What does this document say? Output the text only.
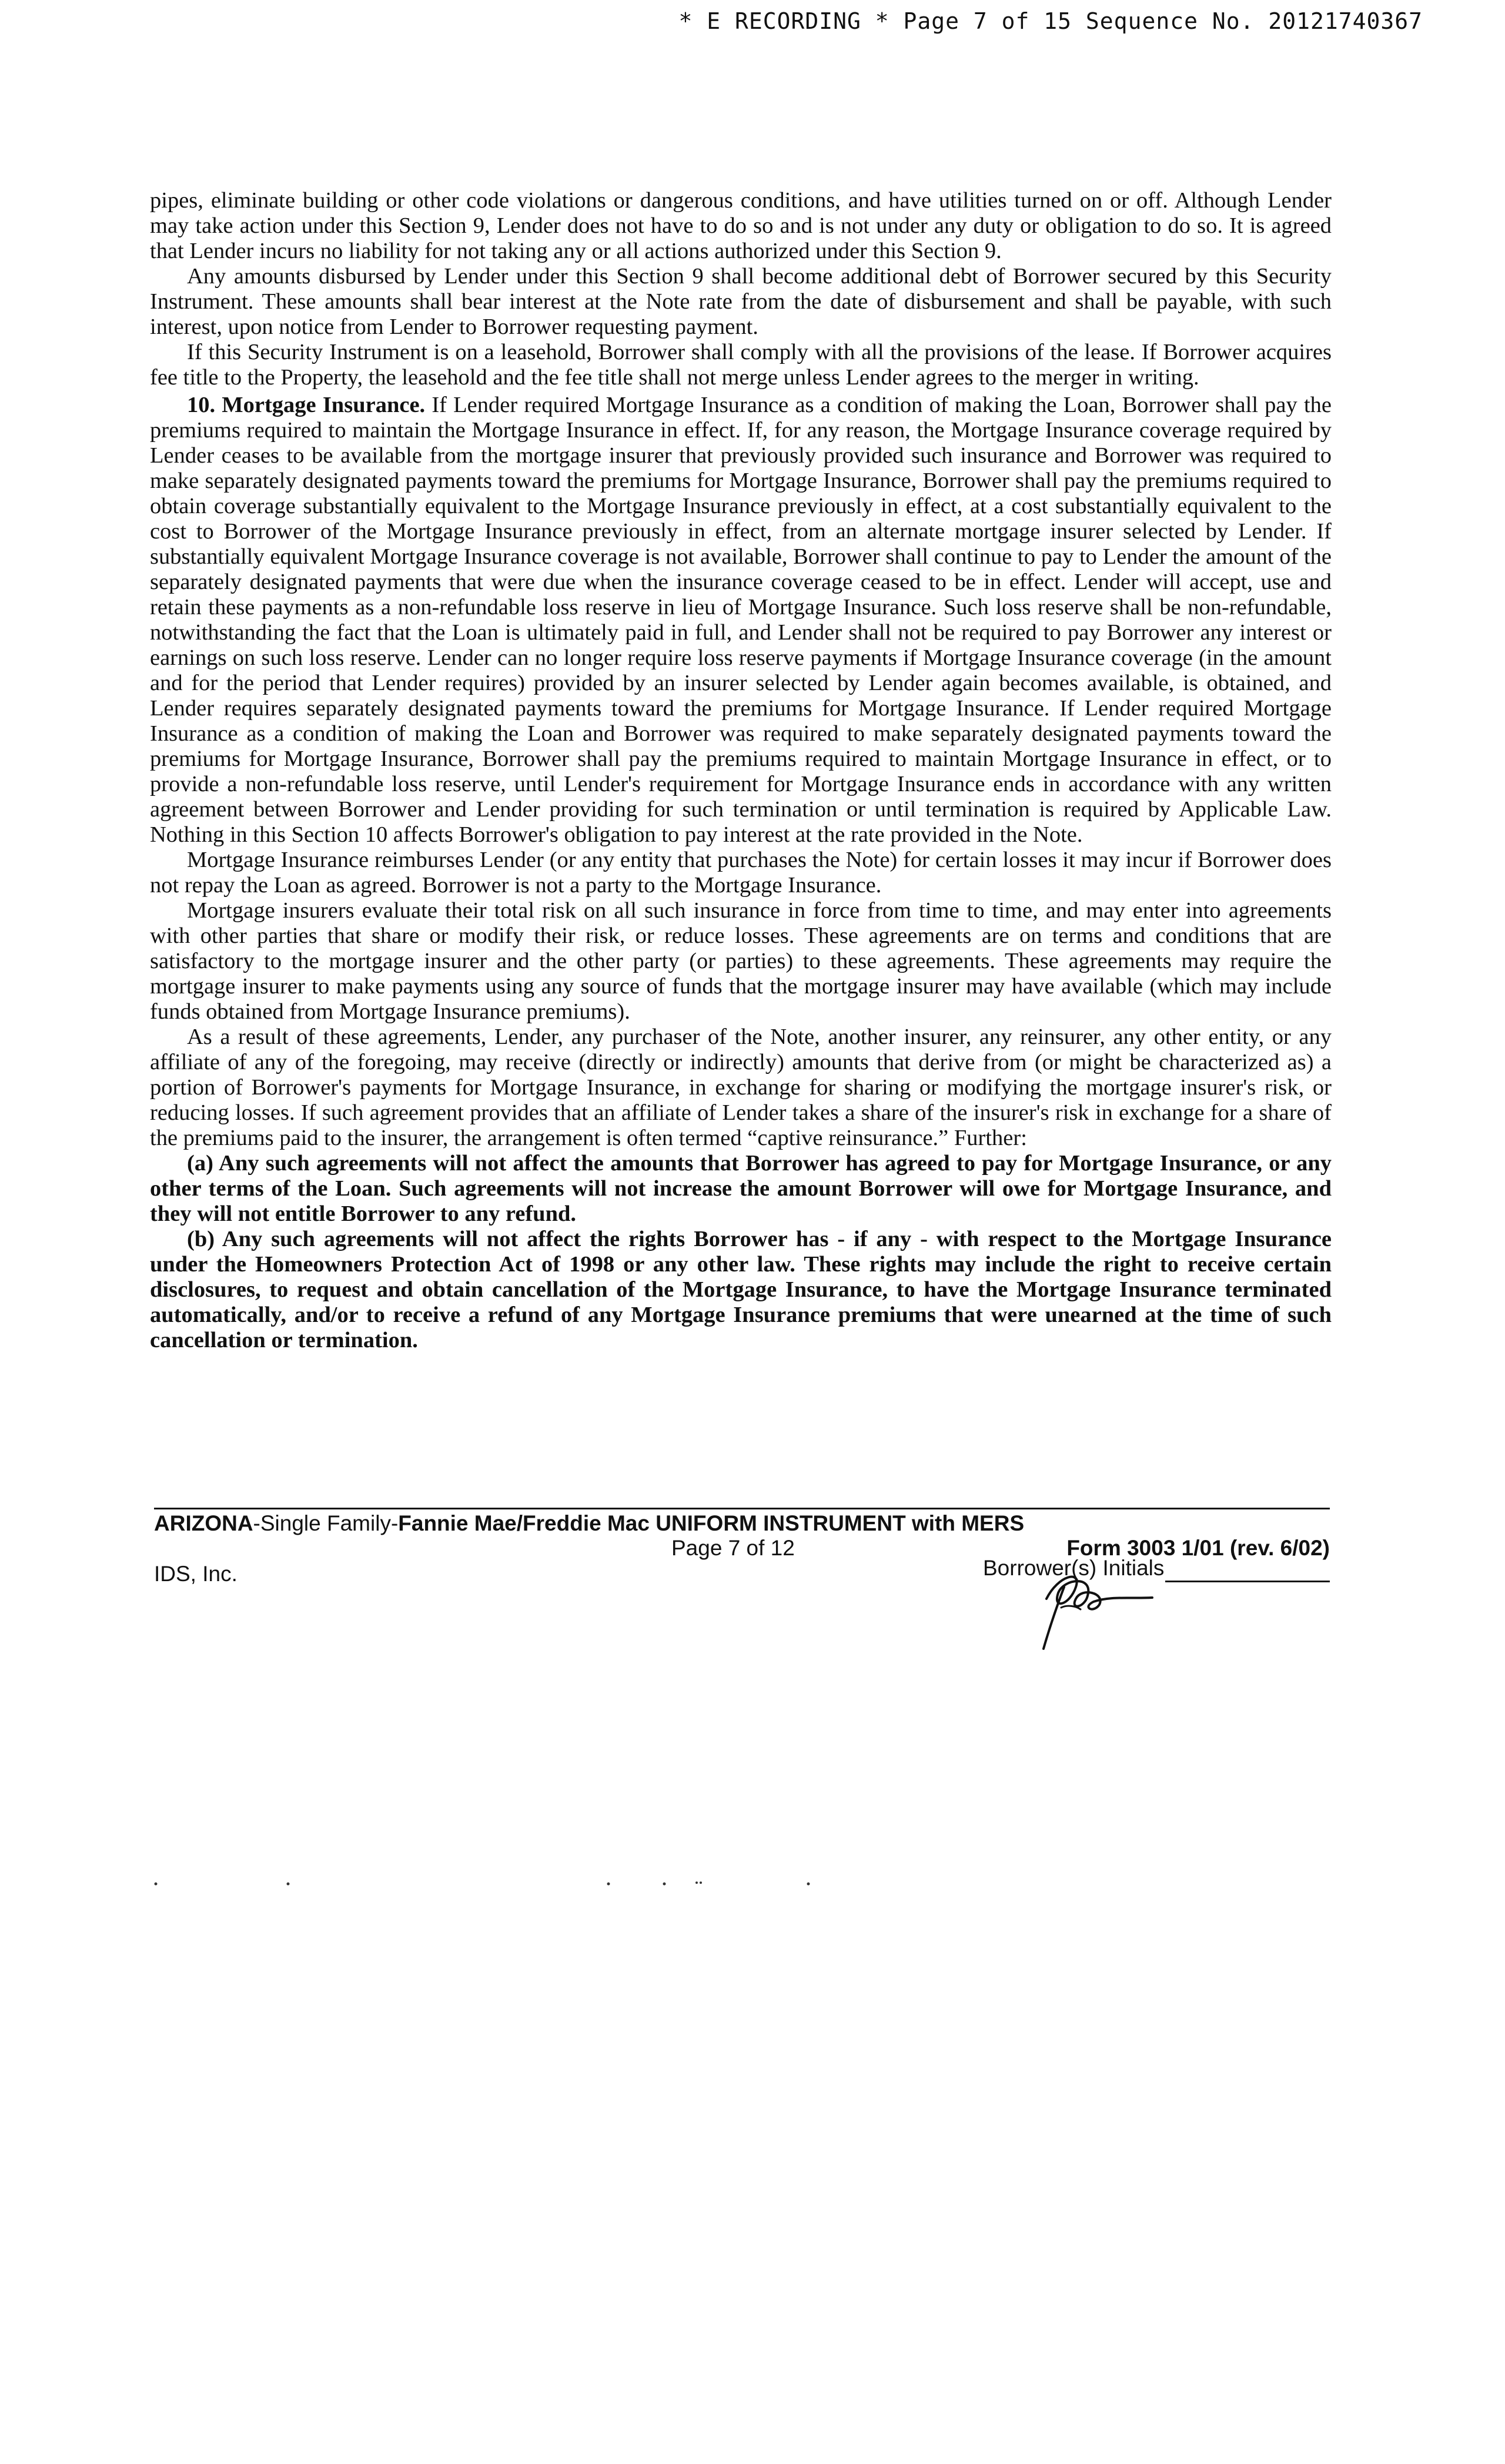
* E RECORDING * Page 7 of 15 Sequence No. 20121740367

pipes, eliminate building or other code violations or dangerous conditions, and have utilities turned on or off. Although Lender may take action under this Section 9, Lender does not have to do so and is not under any duty or obligation to do so. It is agreed that Lender incurs no liability for not taking any or all actions authorized under this Section 9.

Any amounts disbursed by Lender under this Section 9 shall become additional debt of Borrower secured by this Security Instrument. These amounts shall bear interest at the Note rate from the date of disbursement and shall be payable, with such interest, upon notice from Lender to Borrower requesting payment.

If this Security Instrument is on a leasehold, Borrower shall comply with all the provisions of the lease. If Borrower acquires fee title to the Property, the leasehold and the fee title shall not merge unless Lender agrees to the merger in writing.

10. Mortgage Insurance. If Lender required Mortgage Insurance as a condition of making the Loan, Borrower shall pay the premiums required to maintain the Mortgage Insurance in effect. If, for any reason, the Mortgage Insurance coverage required by Lender ceases to be available from the mortgage insurer that previously provided such insurance and Borrower was required to make separately designated payments toward the premiums for Mortgage Insurance, Borrower shall pay the premiums required to obtain coverage substantially equivalent to the Mortgage Insurance previously in effect, at a cost substantially equivalent to the cost to Borrower of the Mortgage Insurance previously in effect, from an alternate mortgage insurer selected by Lender. If substantially equivalent Mortgage Insurance coverage is not available, Borrower shall continue to pay to Lender the amount of the separately designated payments that were due when the insurance coverage ceased to be in effect. Lender will accept, use and retain these payments as a non-refundable loss reserve in lieu of Mortgage Insurance. Such loss reserve shall be non-refundable, notwithstanding the fact that the Loan is ultimately paid in full, and Lender shall not be required to pay Borrower any interest or earnings on such loss reserve. Lender can no longer require loss reserve payments if Mortgage Insurance coverage (in the amount and for the period that Lender requires) provided by an insurer selected by Lender again becomes available, is obtained, and Lender requires separately designated payments toward the premiums for Mortgage Insurance. If Lender required Mortgage Insurance as a condition of making the Loan and Borrower was required to make separately designated payments toward the premiums for Mortgage Insurance, Borrower shall pay the premiums required to maintain Mortgage Insurance in effect, or to provide a non-refundable loss reserve, until Lender's requirement for Mortgage Insurance ends in accordance with any written agreement between Borrower and Lender providing for such termination or until termination is required by Applicable Law. Nothing in this Section 10 affects Borrower's obligation to pay interest at the rate provided in the Note.

Mortgage Insurance reimburses Lender (or any entity that purchases the Note) for certain losses it may incur if Borrower does not repay the Loan as agreed. Borrower is not a party to the Mortgage Insurance.

Mortgage insurers evaluate their total risk on all such insurance in force from time to time, and may enter into agreements with other parties that share or modify their risk, or reduce losses. These agreements are on terms and conditions that are satisfactory to the mortgage insurer and the other party (or parties) to these agreements. These agreements may require the mortgage insurer to make payments using any source of funds that the mortgage insurer may have available (which may include funds obtained from Mortgage Insurance premiums).

As a result of these agreements, Lender, any purchaser of the Note, another insurer, any reinsurer, any other entity, or any affiliate of any of the foregoing, may receive (directly or indirectly) amounts that derive from (or might be characterized as) a portion of Borrower's payments for Mortgage Insurance, in exchange for sharing or modifying the mortgage insurer's risk, or reducing losses. If such agreement provides that an affiliate of Lender takes a share of the insurer's risk in exchange for a share of the premiums paid to the insurer, the arrangement is often termed “captive reinsurance.” Further:

(a) Any such agreements will not affect the amounts that Borrower has agreed to pay for Mortgage Insurance, or any other terms of the Loan. Such agreements will not increase the amount Borrower will owe for Mortgage Insurance, and they will not entitle Borrower to any refund.

(b) Any such agreements will not affect the rights Borrower has - if any - with respect to the Mortgage Insurance under the Homeowners Protection Act of 1998 or any other law. These rights may include the right to receive certain disclosures, to request and obtain cancellation of the Mortgage Insurance, to have the Mortgage Insurance terminated automatically, and/or to receive a refund of any Mortgage Insurance premiums that were unearned at the time of such cancellation or termination.

ARIZONA-Single Family-Fannie Mae/Freddie Mac UNIFORM INSTRUMENT with MERS
Page 7 of 12	Form 3003 1/01 (rev. 6/02)
IDS, Inc.	Borrower(s) Initials
